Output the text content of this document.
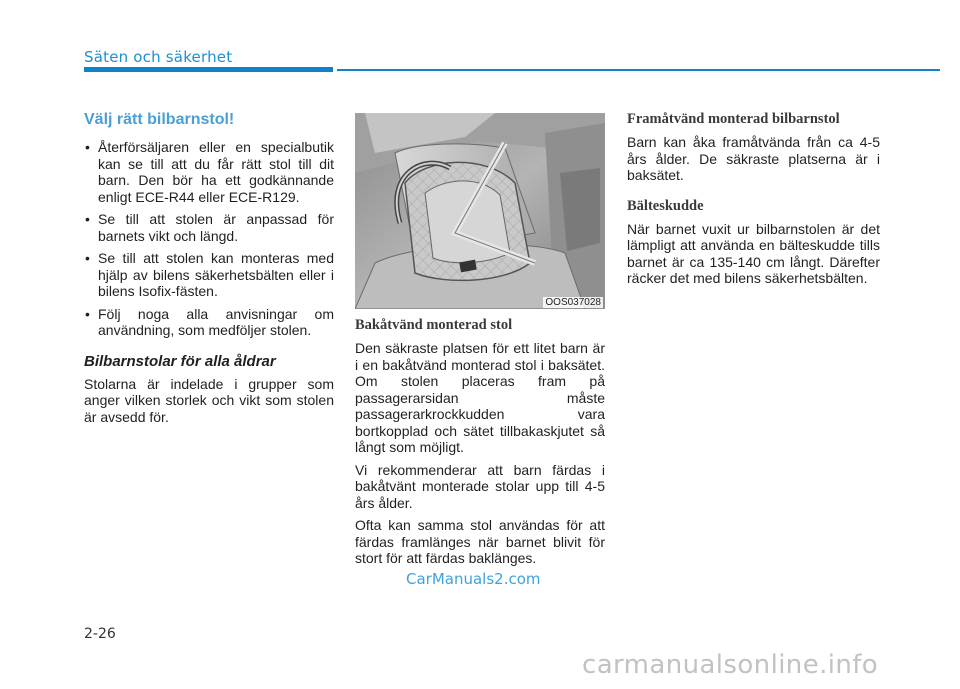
Säten och säkerhet
Välj rätt bilbarnstol!
• Återförsäljaren eller en specialbutik kan se till att du får rätt stol till dit barn. Den bör ha ett godkännande enligt ECE-R44 eller ECE-R129.
• Se till att stolen är anpassad för barnets vikt och längd.
• Se till att stolen kan monteras med hjälp av bilens säkerhetsbälten eller i bilens Isofix-fästen.
• Följ noga alla anvisningar om användning, som medföljer stolen.
Bilbarnstolar för alla åldrar

Stolarna är indelade i grupper som anger vilken storlek och vikt som stolen är avsedd för.

OOS037028
Bakåtvänd monterad stol

Den säkraste platsen för ett litet barn är i en bakåtvänd monterad stol i baksätet. Om stolen placeras fram på passagerarsidan måste passagerarkrockkudden vara bortkopplad och sätet tillbakaskjutet så långt som möjligt.

Vi rekommenderar att barn färdas i bakåtvänt monterade stolar upp till 4-5 års ålder.

Ofta kan samma stol användas för att färdas framlänges när barnet blivit för stort för att färdas baklänges.

Framåtvänd monterad bilbarnstol

Barn kan åka framåtvända från ca 4-5 års ålder. De säkraste platserna är i baksätet.

Bälteskudde

När barnet vuxit ur bilbarnstolen är det lämpligt att använda en bälteskudde tills barnet är ca 135-140 cm långt. Därefter räcker det med bilens säkerhetsbälten.

CarManuals2.com
2-26
carmanualsonline.info
